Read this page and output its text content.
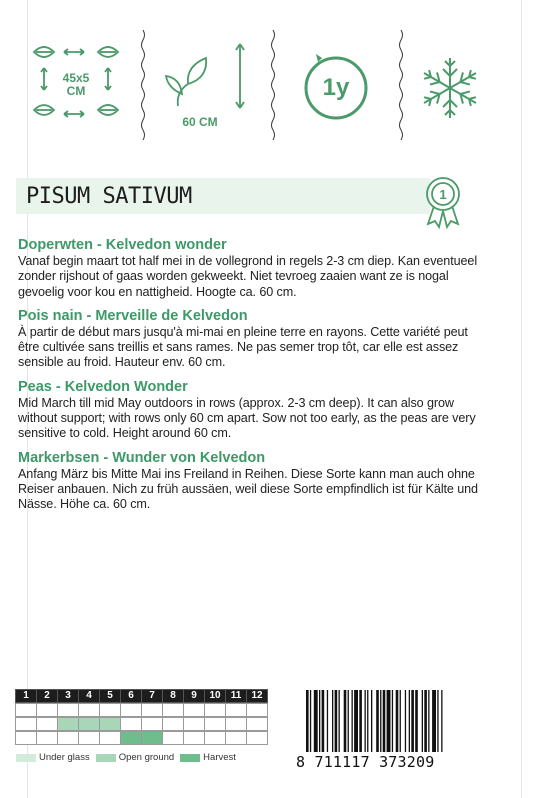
45x5
CM
60 CM
1y
PISUM SATIVUM	1
Doperwten - Kelvedon wonder
Vanaf begin maart tot half mei in de vollegrond in regels 2-3 cm diep. Kan eventueel zonder rijshout of gaas worden gekweekt. Niet tevroeg zaaien want ze is nogal gevoelig voor kou en nattigheid. Hoogte ca. 60 cm.
Pois nain - Merveille de Kelvedon
À partir de début mars jusqu'à mi-mai en pleine terre en rayons. Cette variété peut être cultivée sans treillis et sans rames. Ne pas semer trop tôt, car elle est assez sensible au froid. Hauteur env. 60 cm.
Peas - Kelvedon Wonder
Mid March till mid May outdoors in rows (approx. 2-3 cm deep). It can also grow without support; with rows only 60 cm apart. Sow not too early, as the peas are very sensitive to cold. Height around 60 cm.
Markerbsen - Wunder von Kelvedon
Anfang März bis Mitte Mai ins Freiland in Reihen. Diese Sorte kann man auch ohne Reiser anbauen. Nich zu früh aussäen, weil diese Sorte empfindlich ist für Kälte und Nässe. Höhe ca. 60 cm.
1	2	3	4	5	6	7	8	9	10	11	12
Under glass	Open ground	Harvest	8 711117 373209
